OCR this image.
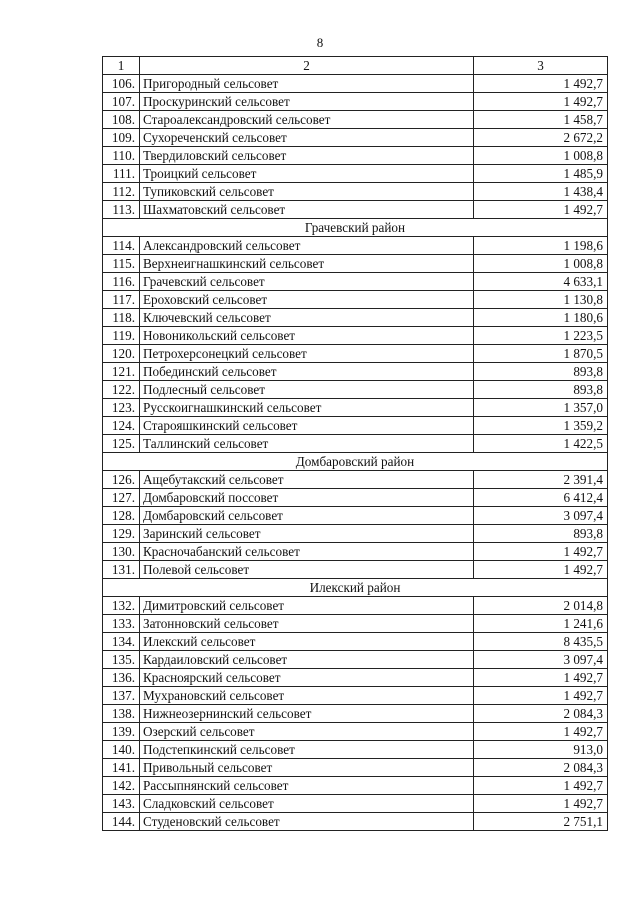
8
1	2	3
106.	Пригородный сельсовет	1 492,7
107.	Проскуринский сельсовет	1 492,7
108.	Староалександровский сельсовет	1 458,7
109.	Сухореченский сельсовет	2 672,2
110.	Твердиловский сельсовет	1 008,8
111.	Троицкий сельсовет	1 485,9
112.	Тупиковский сельсовет	1 438,4
113.	Шахматовский сельсовет	1 492,7
Грачевский район		
114.	Александровский сельсовет	1 198,6
115.	Верхнеигнашкинский сельсовет	1 008,8
116.	Грачевский сельсовет	4 633,1
117.	Ероховский сельсовет	1 130,8
118.	Ключевский сельсовет	1 180,6
119.	Новоникольский сельсовет	1 223,5
120.	Петрохерсонецкий сельсовет	1 870,5
121.	Побединский сельсовет	893,8
122.	Подлесный сельсовет	893,8
123.	Русскоигнашкинский сельсовет	1 357,0
124.	Старояшкинский сельсовет	1 359,2
125.	Таллинский сельсовет	1 422,5
Домбаровский район		
126.	Ащебутакский сельсовет	2 391,4
127.	Домбаровский поссовет	6 412,4
128.	Домбаровский сельсовет	3 097,4
129.	Заринский сельсовет	893,8
130.	Красночабанский сельсовет	1 492,7
131.	Полевой сельсовет	1 492,7
Илекский район		
132.	Димитровский сельсовет	2 014,8
133.	Затонновский сельсовет	1 241,6
134.	Илекский сельсовет	8 435,5
135.	Кардаиловский сельсовет	3 097,4
136.	Красноярский сельсовет	1 492,7
137.	Мухрановский сельсовет	1 492,7
138.	Нижнеозернинский сельсовет	2 084,3
139.	Озерский сельсовет	1 492,7
140.	Подстепкинский сельсовет	913,0
141.	Привольный сельсовет	2 084,3
142.	Рассыпнянский сельсовет	1 492,7
143.	Сладковский сельсовет	1 492,7
144.	Студеновский сельсовет	2 751,1
